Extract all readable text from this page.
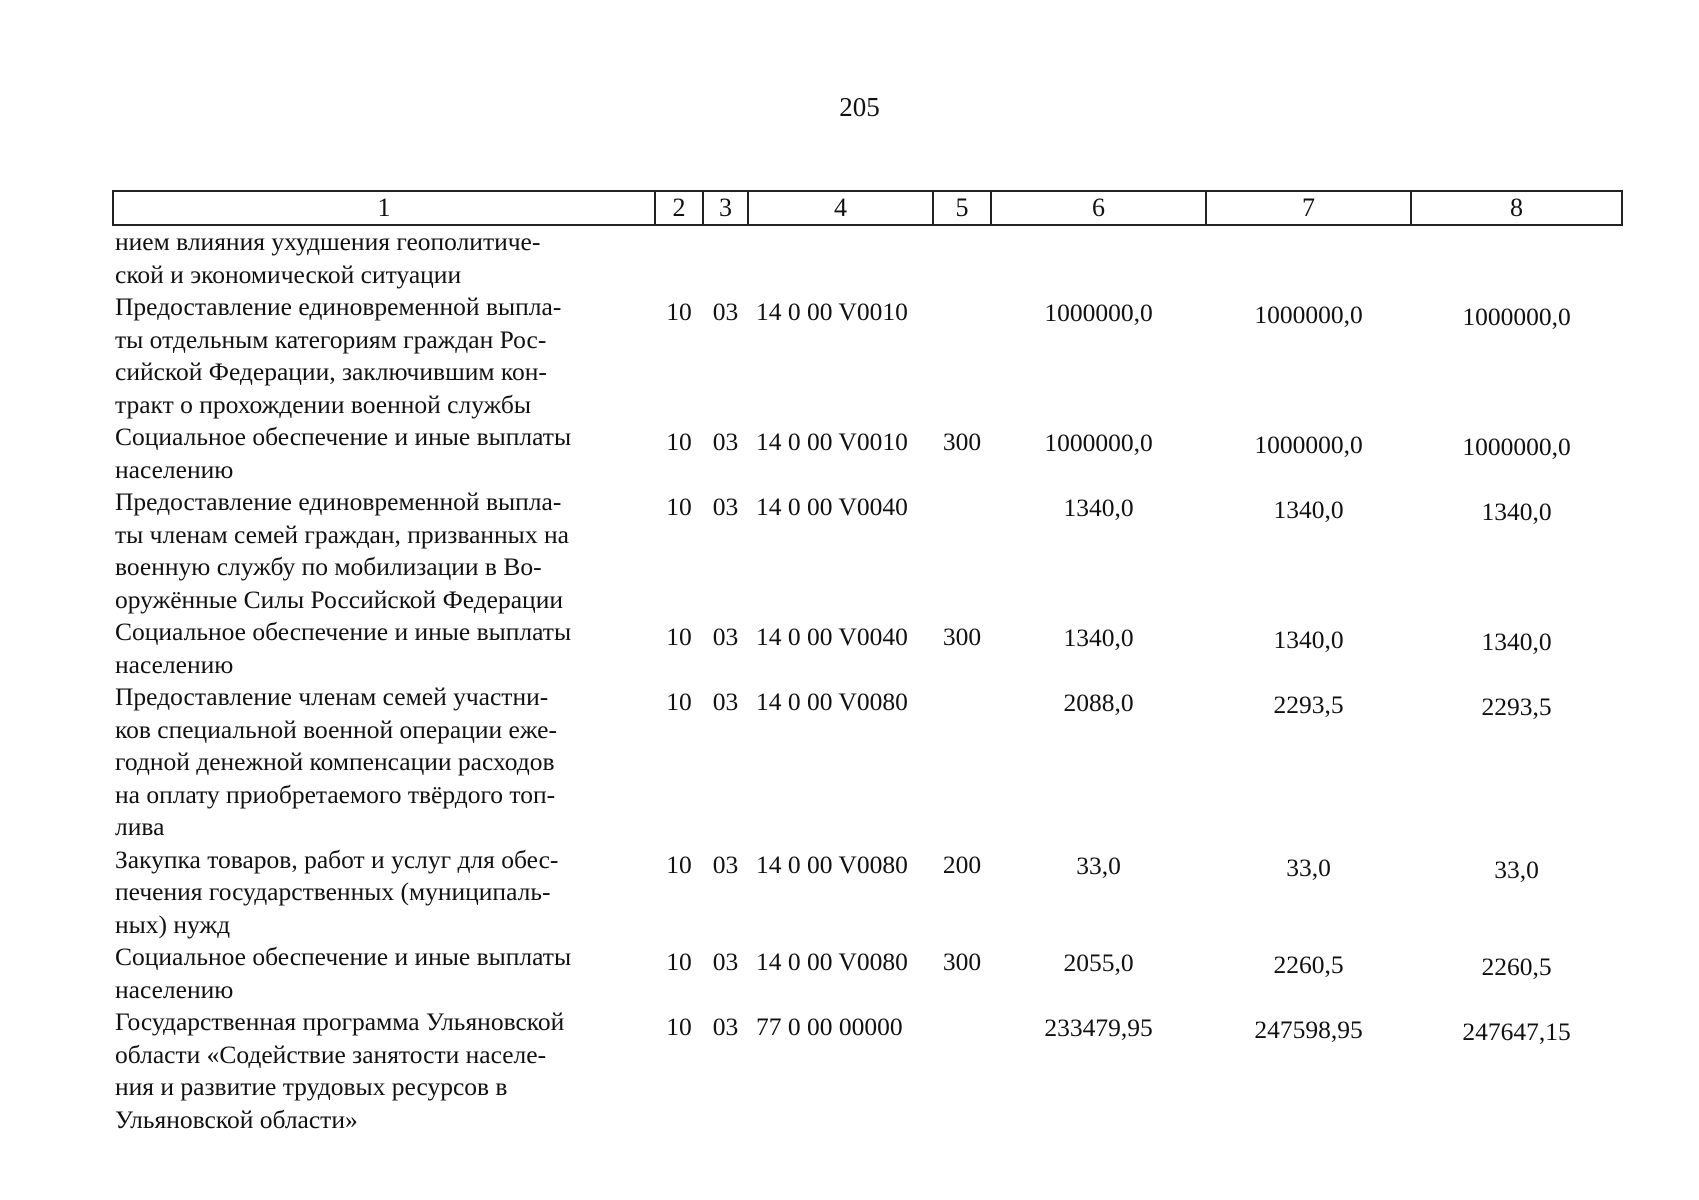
205
1	2	3	4	5	6	7	8
нием влияния ухудшения геополитиче-
ской и экономической ситуации							
Предоставление единовременной выпла-
ты отдельным категориям граждан Рос-
сийской Федерации, заключившим кон-
тракт о прохождении военной службы	10	03	14 0 00 V0010		1000000,0	1000000,0	1000000,0
Социальное обеспечение и иные выплаты
населению	10	03	14 0 00 V0010	300	1000000,0	1000000,0	1000000,0
Предоставление единовременной выпла-
ты членам семей граждан, призванных на
военную службу по мобилизации в Во-
оружённые Силы Российской Федерации	10	03	14 0 00 V0040		1340,0	1340,0	1340,0
Социальное обеспечение и иные выплаты
населению	10	03	14 0 00 V0040	300	1340,0	1340,0	1340,0
Предоставление членам семей участни-
ков специальной военной операции еже-
годной денежной компенсации расходов
на оплату приобретаемого твёрдого топ-
лива	10	03	14 0 00 V0080		2088,0	2293,5	2293,5
Закупка товаров, работ и услуг для обес-
печения государственных (муниципаль-
ных) нужд	10	03	14 0 00 V0080	200	33,0	33,0	33,0
Социальное обеспечение и иные выплаты
населению	10	03	14 0 00 V0080	300	2055,0	2260,5	2260,5
Государственная программа Ульяновской
области «Содействие занятости населе-
ния и развитие трудовых ресурсов в
Ульяновской области»	10	03	77 0 00 00000		233479,95	247598,95	247647,15
